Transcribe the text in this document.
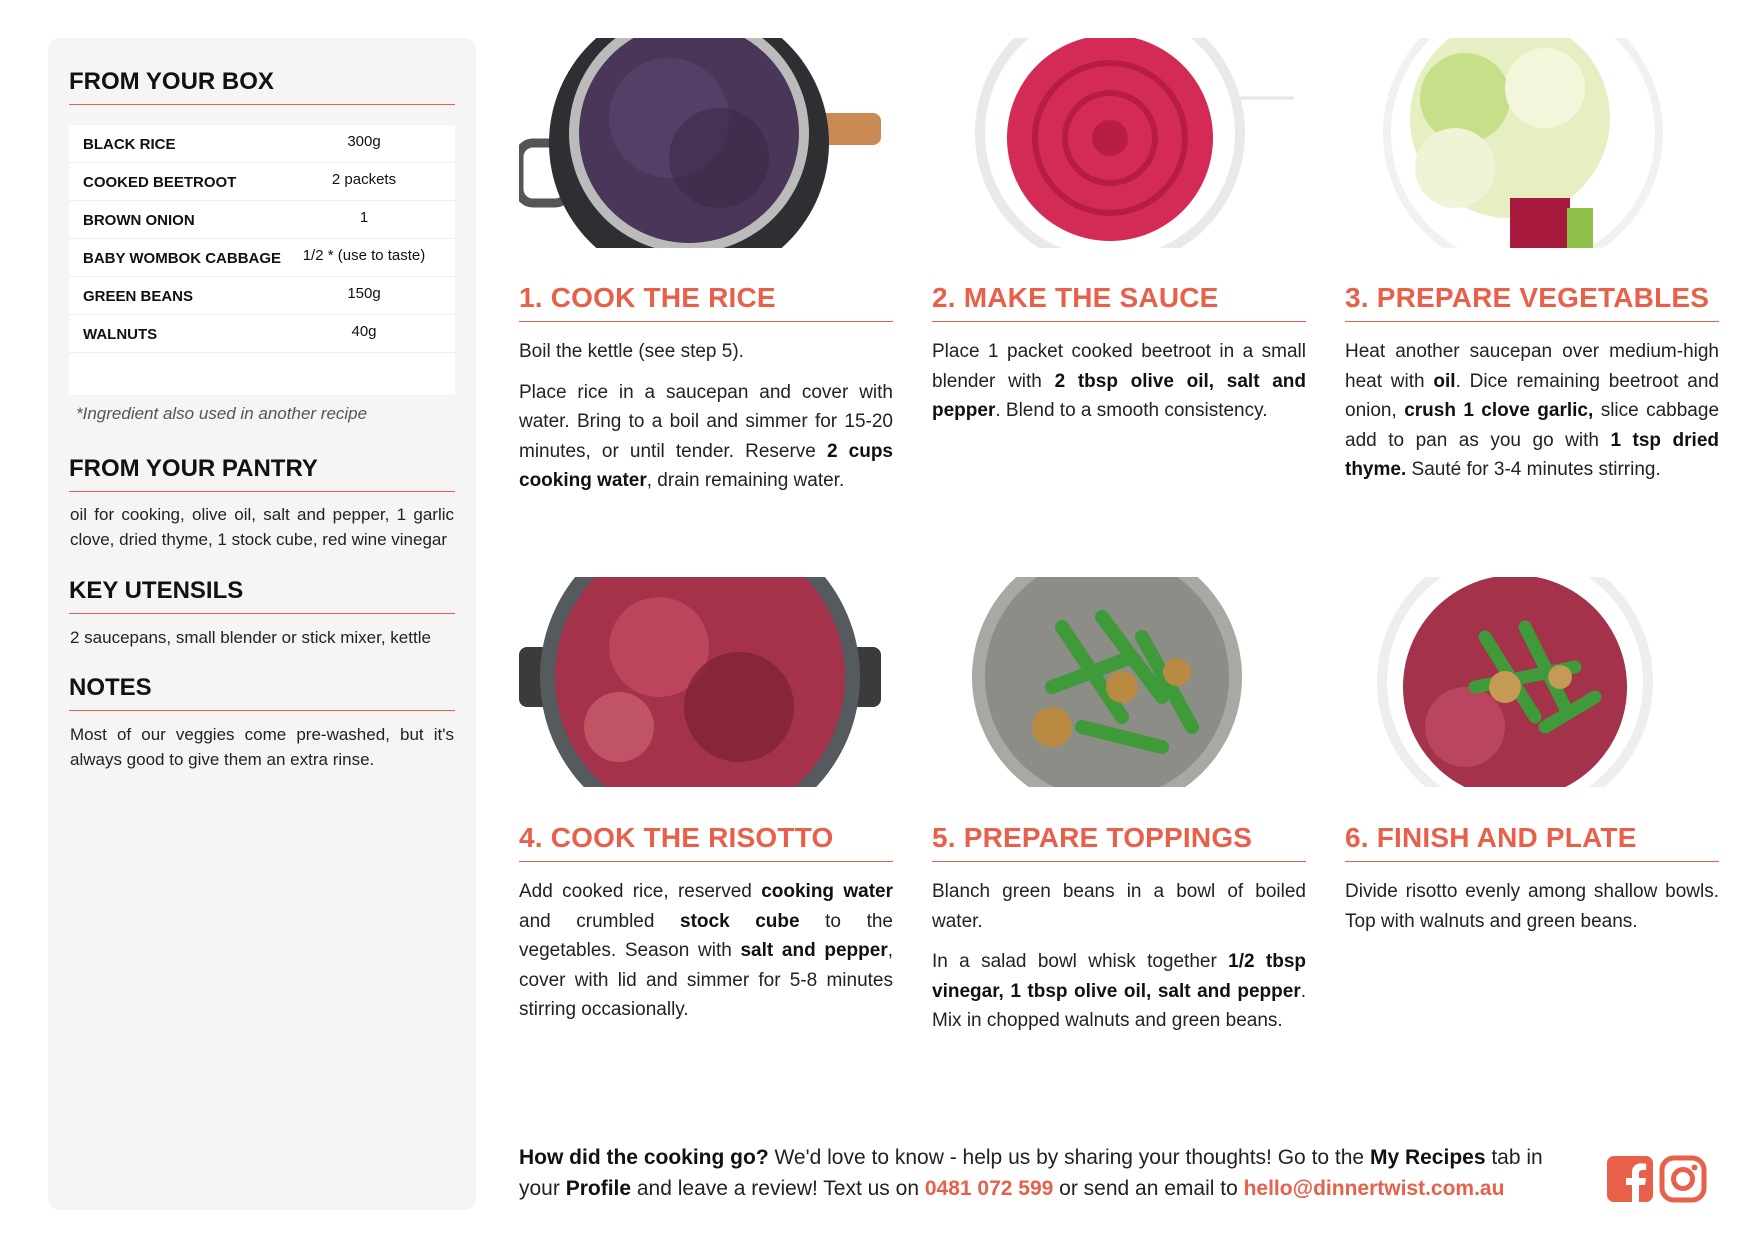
FROM YOUR BOX
BLACK RICE	300g
COOKED BEETROOT	2 packets
BROWN ONION	1
BABY WOMBOK CABBAGE	1/2 * (use to taste)
GREEN BEANS	150g
WALNUTS	40g
*Ingredient also used in another recipe
FROM YOUR PANTRY
oil for cooking, olive oil, salt and pepper, 1 garlic clove, dried thyme, 1 stock cube, red wine vinegar
KEY UTENSILS
2 saucepans, small blender or stick mixer, kettle
NOTES
Most of our veggies come pre-washed, but it's always good to give them an extra rinse.
1. COOK THE RICE	2. MAKE THE SAUCE	3. PREPARE VEGETABLES
4. COOK THE RISOTTO	5. PREPARE TOPPINGS	6. FINISH AND PLATE

Boil the kettle (see step 5).

Place rice in a saucepan and cover with water. Bring to a boil and simmer for 15-20 minutes, or until tender. Reserve 2 cups cooking water, drain remaining water.

Place 1 packet cooked beetroot in a small blender with 2 tbsp olive oil, salt and pepper. Blend to a smooth consistency.

Heat another saucepan over medium-high heat with oil. Dice remaining beetroot and onion, crush 1 clove garlic, slice cabbage add to pan as you go with 1 tsp dried thyme. Sauté for 3-4 minutes stirring.

Add cooked rice, reserved cooking water and crumbled stock cube to the vegetables. Season with salt and pepper, cover with lid and simmer for 5-8 minutes stirring occasionally.

Blanch green beans in a bowl of boiled water.

In a salad bowl whisk together 1/2 tbsp vinegar, 1 tbsp olive oil, salt and pepper. Mix in chopped walnuts and green beans.

Divide risotto evenly among shallow bowls. Top with walnuts and green beans.

How did the cooking go? We'd love to know - help us by sharing your thoughts! Go to the My Recipes tab in your Profile and leave a review! Text us on 0481 072 599 or send an email to hello@dinnertwist.com.au
